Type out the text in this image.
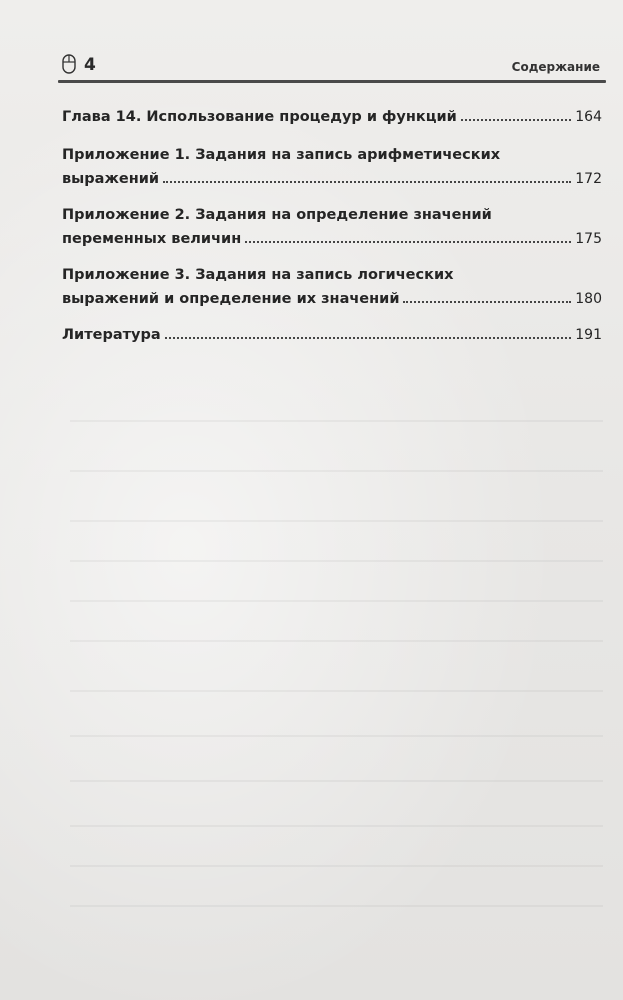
4	Содержание
Глава 14. Использование процедур и функций	164
Приложение 1. Задания на запись арифметических
выражений	172
Приложение 2. Задания на определение значений
переменных величин	175
Приложение 3. Задания на запись логических
выражений и определение их значений	180
Литература	191
